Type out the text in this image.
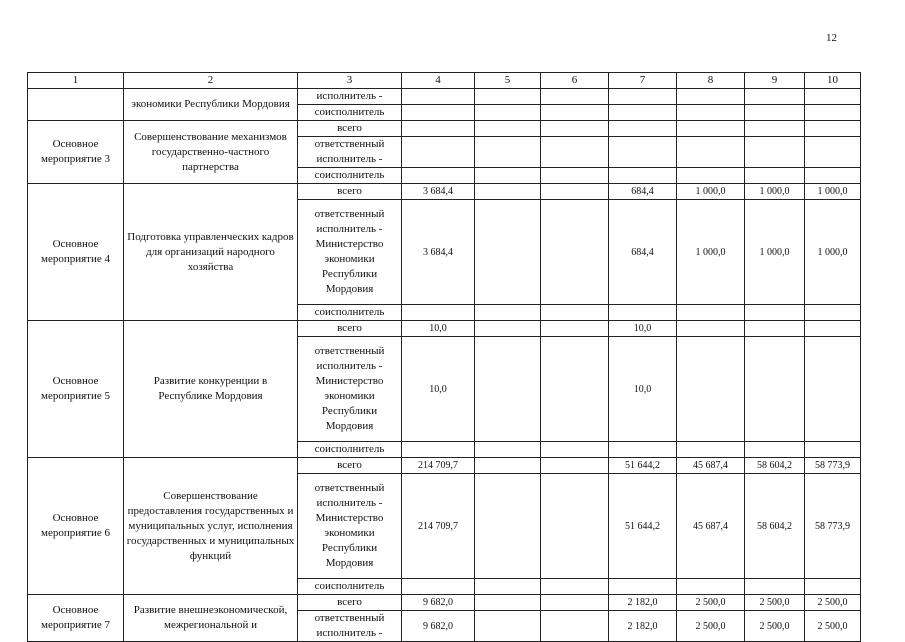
12
1	2	3	4	5	6	7	8	9	10
	экономики Республики Мордовия	исполнитель -							
		соисполнитель							
Основное мероприятие 3	Совершенствование механизмов государственно-частного партнерства	всего							
		ответственный исполнитель -							
		соисполнитель							
Основное мероприятие 4	Подготовка управленческих кадров для организаций народного хозяйства	всего	3 684,4			684,4	1 000,0	1 000,0	1 000,0
		ответственный исполнитель - Министерство экономики Республики Мордовия	3 684,4			684,4	1 000,0	1 000,0	1 000,0
		соисполнитель							
Основное мероприятие 5	Развитие конкуренции в Республике Мордовия	всего	10,0			10,0			
		ответственный исполнитель - Министерство экономики Республики Мордовия	10,0			10,0			
		соисполнитель							
Основное мероприятие 6	Совершенствование предоставления государственных и муниципальных услуг, исполнения государственных и муниципальных функций	всего	214 709,7			51 644,2	45 687,4	58 604,2	58 773,9
		ответственный исполнитель - Министерство экономики Республики Мордовия	214 709,7			51 644,2	45 687,4	58 604,2	58 773,9
		соисполнитель							
Основное мероприятие 7	Развитие внешнеэкономической, межрегиональной и	всего	9 682,0			2 182,0	2 500,0	2 500,0	2 500,0
		ответственный исполнитель -	9 682,0			2 182,0	2 500,0	2 500,0	2 500,0
